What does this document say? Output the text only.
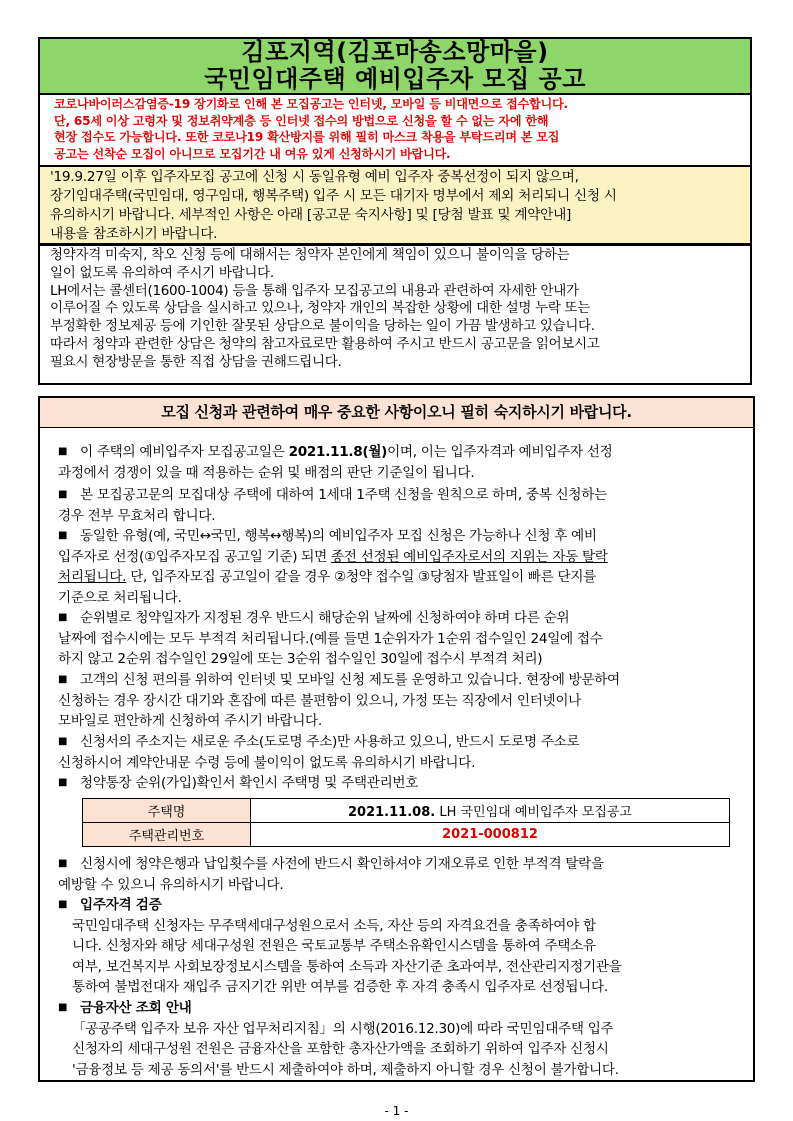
김포지역(김포마송소망마을)
국민임대주택 예비입주자 모집 공고

코로나바이러스감염증-19 장기화로 인해 본 모집공고는 인터넷, 모바일 등 비대면으로 접수합니다.

단, 65세 이상 고령자 및 정보취약계층 등 인터넷 접수의 방법으로 신청을 할 수 없는 자에 한해

현장 접수도 가능합니다. 또한 코로나19 확산방지를 위해 필히 마스크 착용을 부탁드리며 본 모집

공고는 선착순 모집이 아니므로 모집기간 내 여유 있게 신청하시기 바랍니다.

'19.9.27일 이후 입주자모집 공고에 신청 시 동일유형 예비 입주자 중복선정이 되지 않으며,

장기임대주택(국민임대, 영구임대, 행복주택) 입주 시 모든 대기자 명부에서 제외 처리되니 신청 시

유의하시기 바랍니다. 세부적인 사항은 아래 [공고문 숙지사항] 및 [당첨 발표 및 계약안내]

내용을 참조하시기 바랍니다.

청약자격 미숙지, 착오 신청 등에 대해서는 청약자 본인에게 책임이 있으니 불이익을 당하는

일이 없도록 유의하여 주시기 바랍니다.

LH에서는 콜센터(1600-1004) 등을 통해 입주자 모집공고의 내용과 관련하여 자세한 안내가

이루어질 수 있도록 상담을 실시하고 있으나, 청약자 개인의 복잡한 상황에 대한 설명 누락 또는

부정확한 정보제공 등에 기인한 잘못된 상담으로 불이익을 당하는 일이 가끔 발생하고 있습니다.

따라서 청약과 관련한 상담은 청약의 참고자료로만 활용하여 주시고 반드시 공고문을 읽어보시고

필요시 현장방문을 통한 직접 상담을 권해드립니다.

모집 신청과 관련하여 매우 중요한 사항이오니 필히 숙지하시기 바랍니다.
■ 이 주택의 예비입주자 모집공고일은 2021.11.8(월)이며, 이는 입주자격과 예비입주자 선정
과정에서 경쟁이 있을 때 적용하는 순위 및 배점의 판단 기준일이 됩니다.
■ 본 모집공고문의 모집대상 주택에 대하여 1세대 1주택 신청을 원칙으로 하며, 중복 신청하는
경우 전부 무효처리 합니다.
■ 동일한 유형(예, 국민↔국민, 행복↔행복)의 예비입주자 모집 신청은 가능하나 신청 후 예비
입주자로 선정(①입주자모집 공고일 기준) 되면 종전 선정된 예비입주자로서의 지위는 자동 탈락
처리됩니다. 단, 입주자모집 공고일이 같을 경우 ②청약 접수일 ③당첨자 발표일이 빠른 단지를
기준으로 처리됩니다.
■ 순위별로 청약일자가 지정된 경우 반드시 해당순위 날짜에 신청하여야 하며 다른 순위
날짜에 접수시에는 모두 부적격 처리됩니다.(예를 들면 1순위자가 1순위 접수일인 24일에 접수
하지 않고 2순위 접수일인 29일에 또는 3순위 접수일인 30일에 접수시 부적격 처리)
■ 고객의 신청 편의를 위하여 인터넷 및 모바일 신청 제도를 운영하고 있습니다. 현장에 방문하여
신청하는 경우 장시간 대기와 혼잡에 따른 불편함이 있으니, 가정 또는 직장에서 인터넷이나
모바일로 편안하게 신청하여 주시기 바랍니다.
■ 신청서의 주소지는 새로운 주소(도로명 주소)만 사용하고 있으니, 반드시 도로명 주소로
신청하시어 계약안내문 수령 등에 불이익이 없도록 유의하시기 바랍니다.
■ 청약통장 순위(가입)확인서 확인시 주택명 및 주택관리번호
주택명	2021.11.08. LH 국민임대 예비입주자 모집공고
주택관리번호	2021-000812
■ 신청시에 청약은행과 납입횟수를 사전에 반드시 확인하셔야 기재오류로 인한 부적격 탈락을
예방할 수 있으니 유의하시기 바랍니다.
■ 입주자격 검증
국민임대주택 신청자는 무주택세대구성원으로서 소득, 자산 등의 자격요건을 충족하여야 합
니다. 신청자와 해당 세대구성원 전원은 국토교통부 주택소유확인시스템을 통하여 주택소유
여부, 보건복지부 사회보장정보시스템을 통하여 소득과 자산기준 초과여부, 전산관리지정기관을
통하여 불법전대자 재입주 금지기간 위반 여부를 검증한 후 자격 충족시 입주자로 선정됩니다.
■ 금융자산 조회 안내
「공공주택 입주자 보유 자산 업무처리지침」의 시행(2016.12.30)에 따라 국민임대주택 입주
신청자의 세대구성원 전원은 금융자산을 포함한 총자산가액을 조회하기 위하여 입주자 신청시
'금융정보 등 제공 동의서'를 반드시 제출하여야 하며, 제출하지 아니할 경우 신청이 불가합니다.
- 1 -
